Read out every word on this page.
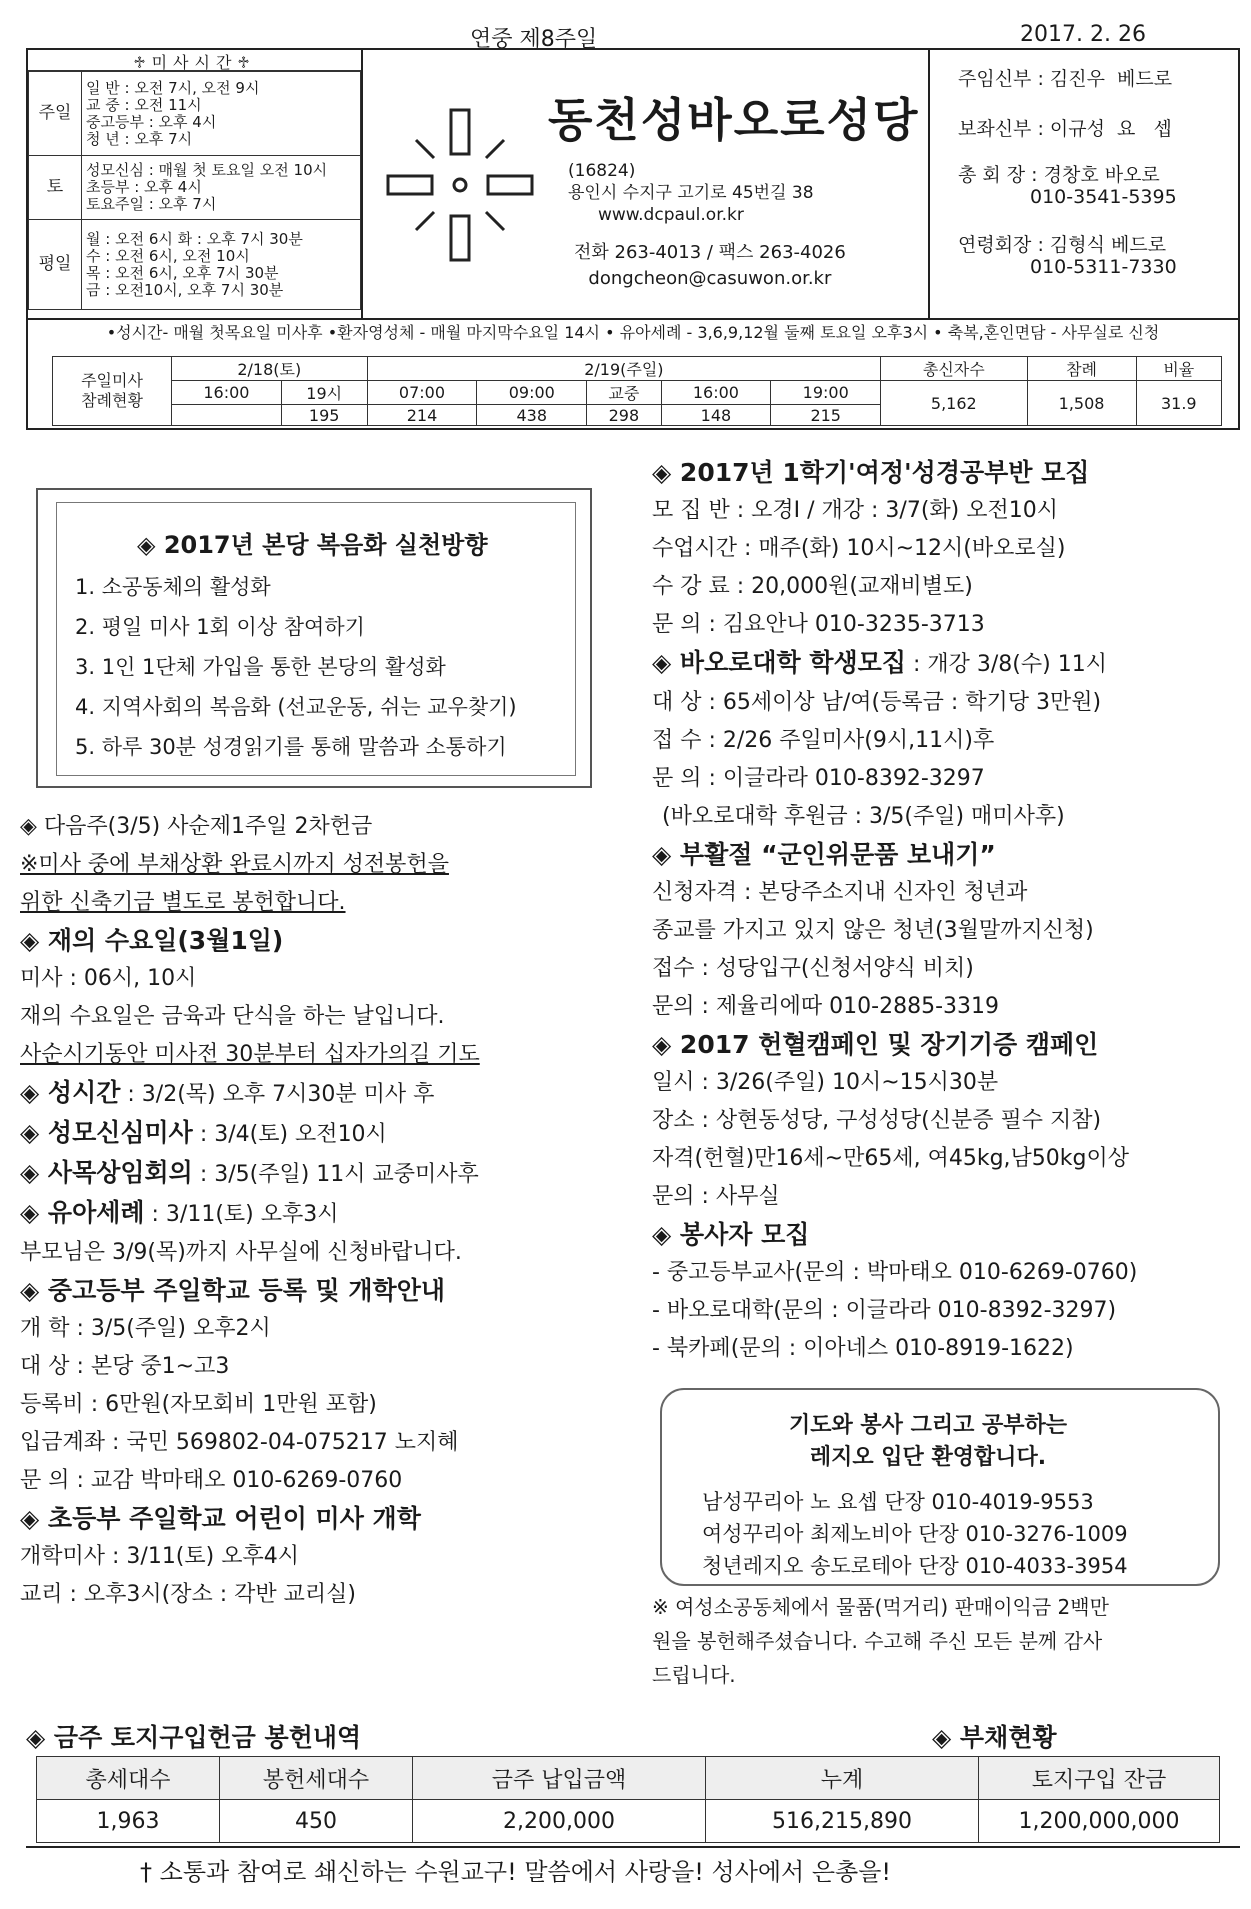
연중 제8주일	2017. 2. 26
♱미사시간♱
주일	일 반 : 오전 7시, 오전 9시
교 중 : 오전 11시
중고등부 : 오후 4시
청 년 : 오후 7시

토	성모신심 : 매월 첫 토요일 오전 10시
초등부 : 오후 4시
토요주일 : 오후 7시

평일	월 : 오전 6시 화 : 오후 7시 30분
수 : 오전 6시, 오전 10시
목 : 오전 6시, 오후 7시 30분
금 : 오전10시, 오후 7시 30분
동천성바오로성당
(16824)
용인시 수지구 고기로 45번길 38
www.dcpaul.or.kr
전화 263-4013 / 팩스 263-4026
dongcheon@casuwon.or.kr
주임신부 : 김진우  베드로
보좌신부 : 이규성  요   셉
총 회 장 : 경창호 바오로
010-3541-5395
연령회장 : 김형식 베드로
010-5311-7330
•성시간- 매월 첫목요일 미사후 •환자영성체 - 매월 마지막수요일 14시 • 유아세례 - 3,6,9,12월 둘째 토요일 오후3시 • 축복,혼인면담 - 사무실로 신청
주일미사
참례현황	2/18(토)		2/19(주일)					총신자수	참례	비율
	16:00	19시	07:00	09:00	교중	16:00	19:00	5,162	1,508	31.9
		195	214	438	298	148	215			
◈ 2017년 본당 복음화 실천방향
1. 소공동체의 활성화
2. 평일 미사 1회 이상 참여하기
3. 1인 1단체 가입을 통한 본당의 활성화
4. 지역사회의 복음화 (선교운동, 쉬는 교우찾기)
5. 하루 30분 성경읽기를 통해 말씀과 소통하기
◈ 다음주(3/5) 사순제1주일 2차헌금
※미사 중에 부채상환 완료시까지 성전봉헌을
위한 신축기금 별도로 봉헌합니다.
◈ 재의 수요일(3월1일)
미사 : 06시, 10시
재의 수요일은 금육과 단식을 하는 날입니다.
사순시기동안 미사전 30분부터 십자가의길 기도
◈ 성시간 : 3/2(목) 오후 7시30분 미사 후
◈ 성모신심미사 : 3/4(토) 오전10시
◈ 사목상임회의 : 3/5(주일) 11시 교중미사후
◈ 유아세례 : 3/11(토) 오후3시
부모님은 3/9(목)까지 사무실에 신청바랍니다.
◈ 중고등부 주일학교 등록 및 개학안내
개 학 : 3/5(주일) 오후2시
대 상 : 본당 중1~고3
등록비 : 6만원(자모회비 1만원 포함)
입금계좌 : 국민 569802-04-075217 노지혜
문 의 : 교감 박마태오 010-6269-0760
◈ 초등부 주일학교 어린이 미사 개학
개학미사 : 3/11(토) 오후4시
교리 : 오후3시(장소 : 각반 교리실)
◈ 2017년 1학기'여정'성경공부반 모집
모 집 반 : 오경Ⅰ / 개강 : 3/7(화) 오전10시
수업시간 : 매주(화) 10시~12시(바오로실)
수 강 료 : 20,000원(교재비별도)
문 의 : 김요안나 010-3235-3713
◈ 바오로대학 학생모집 : 개강 3/8(수) 11시
대 상 : 65세이상 남/여(등록금 : 학기당 3만원)
접 수 : 2/26 주일미사(9시,11시)후
문 의 : 이글라라 010-8392-3297
(바오로대학 후원금 : 3/5(주일) 매미사후)
◈ 부활절 “군인위문품 보내기”
신청자격 : 본당주소지내 신자인 청년과
종교를 가지고 있지 않은 청년(3월말까지신청)
접수 : 성당입구(신청서양식 비치)
문의 : 제율리에따 010-2885-3319
◈ 2017 헌혈캠페인 및 장기기증 캠페인
일시 : 3/26(주일) 10시~15시30분
장소 : 상현동성당, 구성성당(신분증 필수 지참)
자격(헌혈)만16세~만65세, 여45kg,남50kg이상
문의 : 사무실
◈ 봉사자 모집
- 중고등부교사(문의 : 박마태오 010-6269-0760)
- 바오로대학(문의 : 이글라라 010-8392-3297)
- 북카페(문의 : 이아네스 010-8919-1622)
기도와 봉사 그리고 공부하는
레지오 입단 환영합니다.
남성꾸리아 노 요셉 단장 010-4019-9553
여성꾸리아 최제노비아 단장 010-3276-1009
청년레지오 송도로테아 단장 010-4033-3954
※ 여성소공동체에서 물품(먹거리) 판매이익금 2백만
원을 봉헌해주셨습니다. 수고해 주신 모든 분께 감사
드립니다.
◈ 금주 토지구입헌금 봉헌내역	◈ 부채현황
총세대수	봉헌세대수	금주 납입금액	누계	토지구입 잔금
1,963	450	2,200,000	516,215,890	1,200,000,000
† 소통과 참여로 쇄신하는 수원교구! 말씀에서 사랑을! 성사에서 은총을!
